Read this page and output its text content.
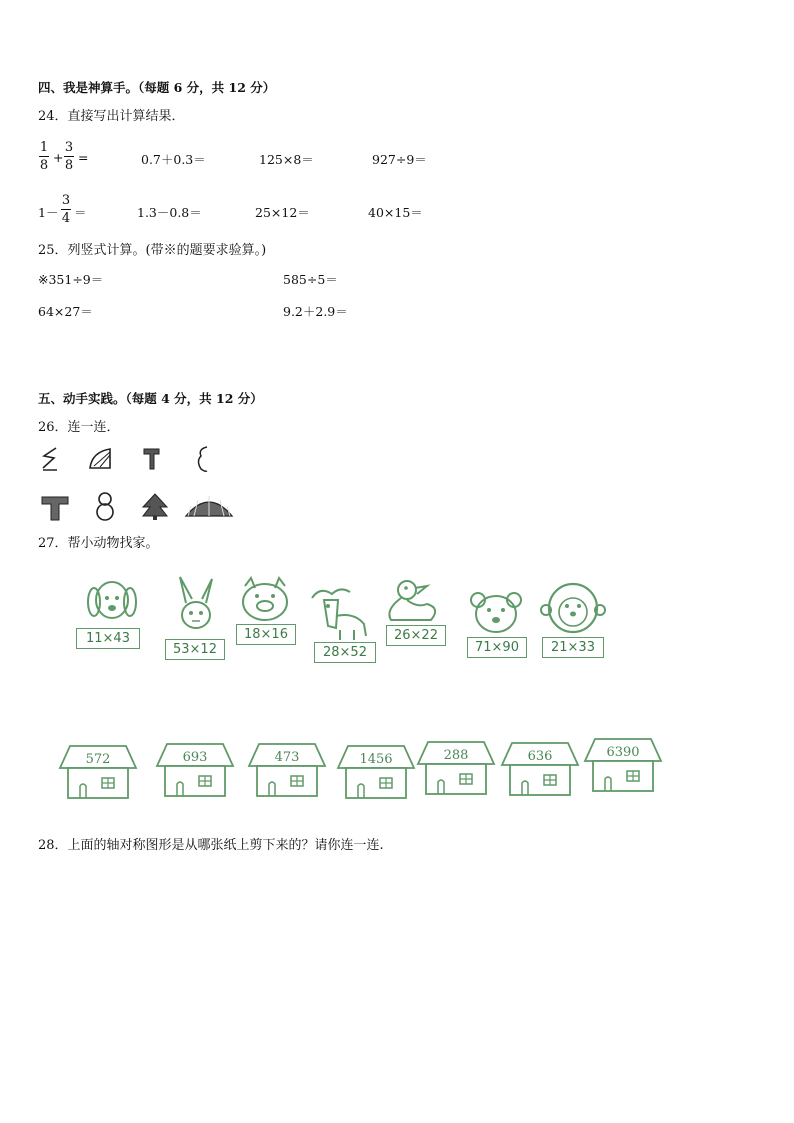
四、我是神算手。（每题 6 分，共 12 分）
24．直接写出计算结果．
1
8
+
3
8
=	0.7＋0.3＝	125×8＝	927÷9＝
1－
3
4 ＝	1.3－0.8＝	25×12＝	40×15＝
25．列竖式计算。(带※的题要求验算。)
※351÷9＝	585÷5＝
64×27＝	9.2＋2.9＝
五、动手实践。（每题 4 分，共 12 分）
26．连一连．
27．帮小动物找家。
11×43
53×12
18×16
28×52
26×22
71×90	21×33
572	693	473	1456	288	636	6390
28．上面的轴对称图形是从哪张纸上剪下来的？请你连一连.
